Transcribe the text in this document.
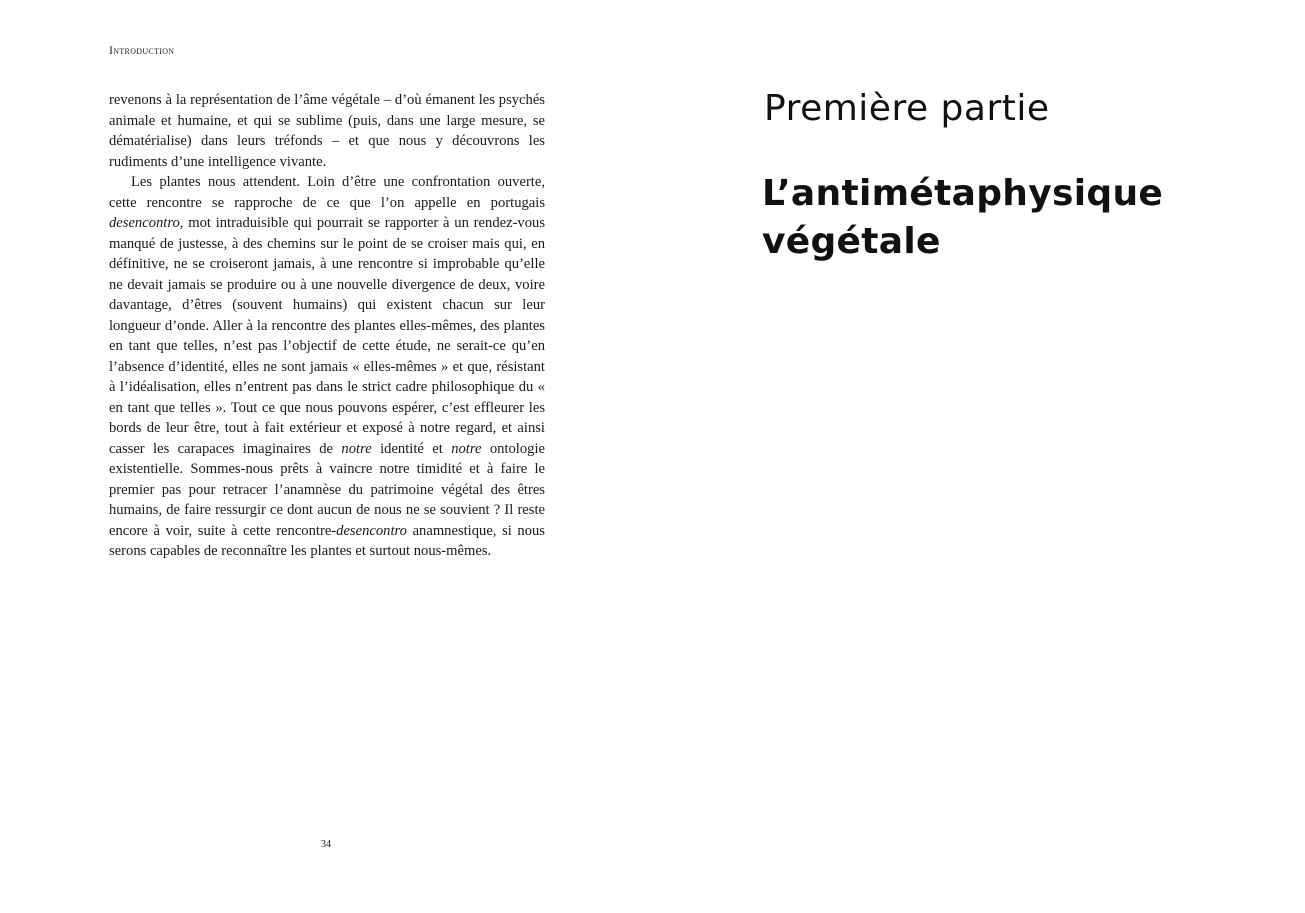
Introduction

revenons à la représentation de l’âme végétale – d’où émanent les psychés animale et humaine, et qui se sublime (puis, dans une large mesure, se dématérialise) dans leurs tréfonds – et que nous y découvrons les rudiments d’une intelligence vivante.

Les plantes nous attendent. Loin d’être une confrontation ouverte, cette rencontre se rapproche de ce que l’on appelle en portugais desencontro, mot intraduisible qui pourrait se rapporter à un rendez-vous manqué de justesse, à des chemins sur le point de se croiser mais qui, en définitive, ne se croiseront jamais, à une rencontre si improbable qu’elle ne devait jamais se produire ou à une nouvelle divergence de deux, voire davantage, d’êtres (souvent humains) qui existent chacun sur leur longueur d’onde. Aller à la rencontre des plantes elles-mêmes, des plantes en tant que telles, n’est pas l’objectif de cette étude, ne serait-ce qu’en l’absence d’identité, elles ne sont jamais « elles-mêmes » et que, résistant à l’idéalisation, elles n’entrent pas dans le strict cadre philosophique du « en tant que telles ». Tout ce que nous pouvons espérer, c’est effleurer les bords de leur être, tout à fait extérieur et exposé à notre regard, et ainsi casser les carapaces imaginaires de notre identité et notre ontologie existentielle. Sommes-nous prêts à vaincre notre timidité et à faire le premier pas pour retracer l’anamnèse du patrimoine végétal des êtres humains, de faire ressurgir ce dont aucun de nous ne se souvient ? Il reste encore à voir, suite à cette rencontre-desencontro anamnestique, si nous serons capables de reconnaître les plantes et surtout nous-mêmes.

34
Première partie
L’antimétaphysique
végétale
